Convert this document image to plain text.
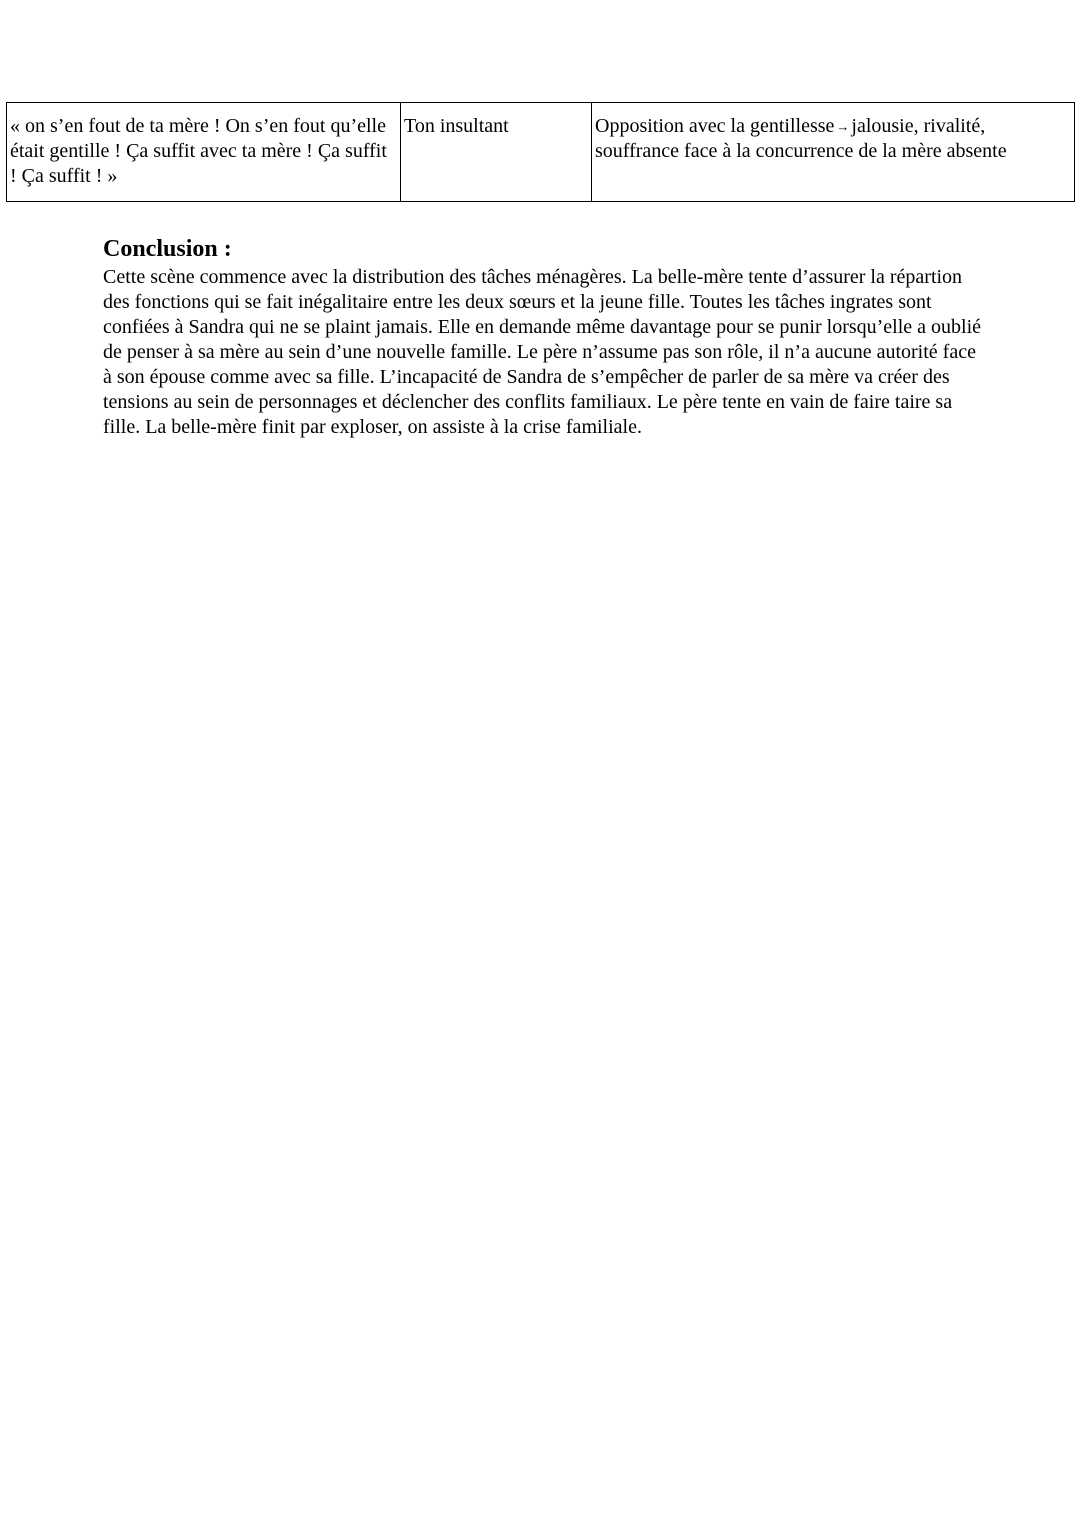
« on s’en fout de ta mère ! On s’en fout qu’elle était gentille ! Ça suffit avec ta mère ! Ça suffit ! Ça suffit ! »	Ton insultant	Opposition avec la gentillesse → jalousie, rivalité, souffrance face à la concurrence de la mère absente
Conclusion :

Cette scène commence avec la distribution des tâches ménagères. La belle-mère tente d’assurer la répartion des fonctions qui se fait inégalitaire entre les deux sœurs et la jeune fille. Toutes les tâches ingrates sont confiées à Sandra qui ne se plaint jamais. Elle en demande même davantage pour se punir lorsqu’elle a oublié de penser à sa mère au sein d’une nouvelle famille. Le père n’assume pas son rôle, il n’a aucune autorité face à son épouse comme avec sa fille. L’incapacité de Sandra de s’empêcher de parler de sa mère va créer des tensions au sein de personnages et déclencher des conflits familiaux. Le père tente en vain de faire taire sa fille. La belle-mère finit par exploser, on assiste à la crise familiale.
